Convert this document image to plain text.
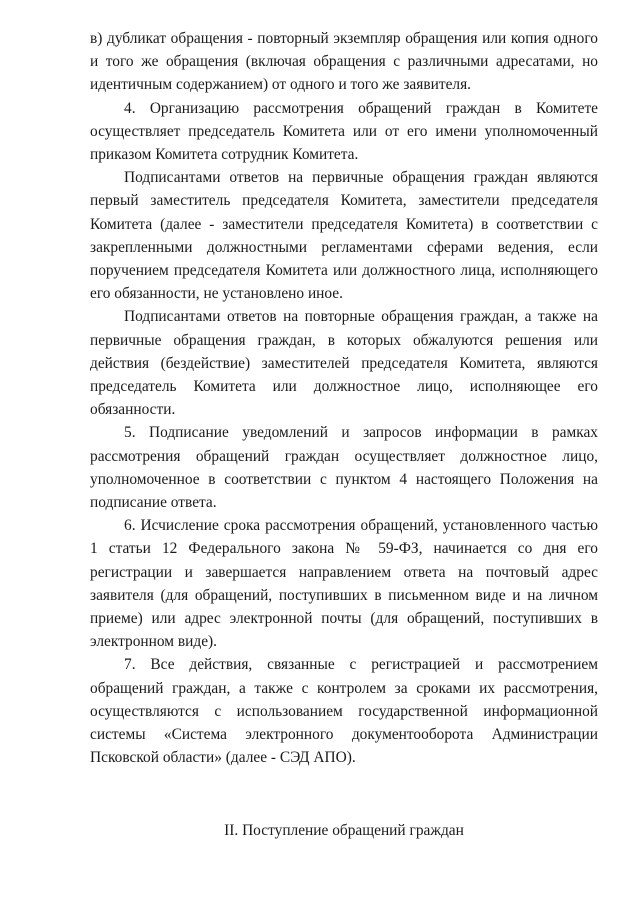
в) дубликат обращения - повторный экземпляр обращения или копия одного и того же обращения (включая обращения с различными адресатами, но идентичным содержанием) от одного и того же заявителя.

4. Организацию рассмотрения обращений граждан в Комитете осуществляет председатель Комитета или от его имени уполномоченный приказом Комитета сотрудник Комитета.

Подписантами ответов на первичные обращения граждан являются первый заместитель председателя Комитета, заместители председателя Комитета (далее - заместители председателя Комитета) в соответствии с закрепленными должностными регламентами сферами ведения, если поручением председателя Комитета или должностного лица, исполняющего его обязанности, не установлено иное.

Подписантами ответов на повторные обращения граждан, а также на первичные обращения граждан, в которых обжалуются решения или действия (бездействие) заместителей председателя Комитета, являются председатель Комитета или должностное лицо, исполняющее его обязанности.

5. Подписание уведомлений и запросов информации в рамках рассмотрения обращений граждан осуществляет должностное лицо, уполномоченное в соответствии с пунктом 4 настоящего Положения на подписание ответа.

6. Исчисление срока рассмотрения обращений, установленного частью 1 статьи 12 Федерального закона № 59-ФЗ, начинается со дня его регистрации и завершается направлением ответа на почтовый адрес заявителя (для обращений, поступивших в письменном виде и на личном приеме) или адрес электронной почты (для обращений, поступивших в электронном виде).

7. Все действия, связанные с регистрацией и рассмотрением обращений граждан, а также с контролем за сроками их рассмотрения, осуществляются с использованием государственной информационной системы «Система электронного документооборота Администрации Псковской области» (далее - СЭД АПО).

II. Поступление обращений граждан
